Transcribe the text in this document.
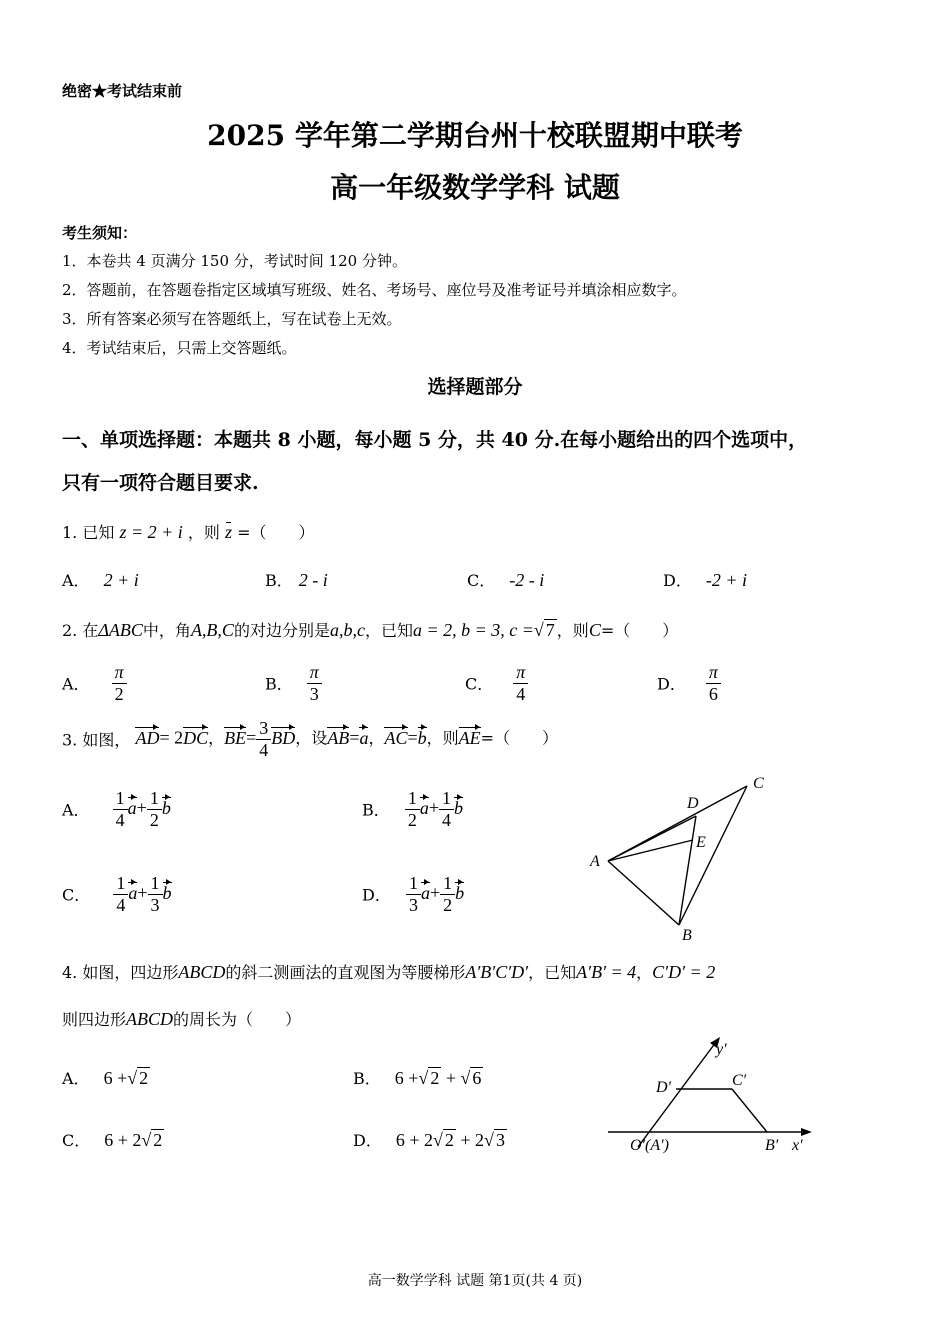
绝密★考试结束前
2025 学年第二学期台州十校联盟期中联考
高一年级数学学科 试题
考生须知：
1．本卷共 4 页满分 150 分，考试时间 120 分钟。
2．答题前，在答题卷指定区域填写班级、姓名、考场号、座位号及准考证号并填涂相应数字。
3．所有答案必须写在答题纸上，写在试卷上无效。
4．考试结束后，只需上交答题纸。
选择题部分
一、单项选择题：本题共 8 小题，每小题 5 分，共 40 分.在每小题给出的四个选项中，
只有一项符合题目要求.
1. 已知 z = 2 + i ，则 z =（　　）
A． 2 + i	B． 2 - i	C． -2 - i	D． -2 + i
2. 在ΔABC中，角A,B,C的对边分别是a,b,c，已知a = 2, b = 3, c =√ 7 ，则C=（　　）
A． $\frac{\pi}{2}$	B． $\frac{\pi}{3}$	C． $\frac{\pi}{4}$	D． $\frac{\pi}{6}$
3. 如图， AD= 2DC，$BE= \frac{3}{4}$ BD，设AB=a，AC=b，则AE=（　　）
A． $\frac{1}{4} a+ \frac{1}{2}$ b	B． $\frac{1}{2} a+ \frac{1}{4}$ b
C． $\frac{1}{4} a+ \frac{1}{3}$ b	D． $\frac{1}{3} a+ \frac{1}{2}$ b
A
B
C
D
E
4. 如图，四边形ABCD的斜二测画法的直观图为等腰梯形A′B′C′D′，已知A′B′ = 4，C′D′ = 2
则四边形ABCD的周长为（　　）
A． 6 +√ 2	B． 6 +√ 2 + √ 6
C． 6 + 2√ 2	D． 6 + 2√ 2 + 2√ 3
y′
x′
D′	C′
O′(A′)	B′
高一数学学科 试题 第1页(共 4 页)
